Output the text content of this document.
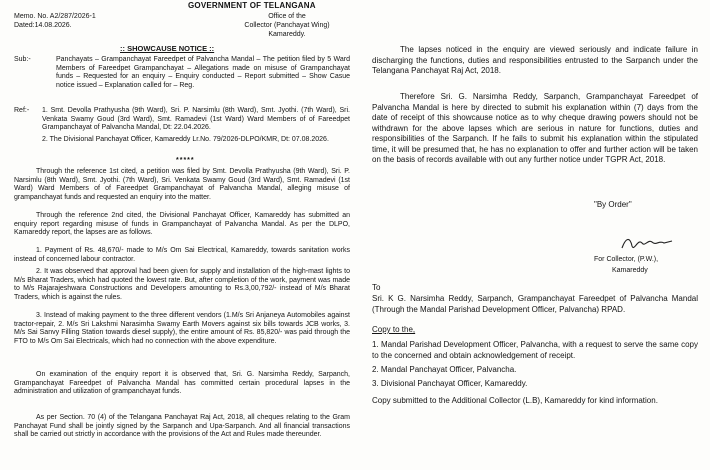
GOVERNMENT OF TELANGANA
Memo. No. A2/287/2026-1
Dated:14.08.2026.
Office of the
Collector (Panchayat Wing)
Kamareddy.
:: SHOWCAUSE NOTICE ::
Sub:-	Panchayats – Grampanchayat Fareedpet of Palvancha Mandal – The petition filed by 5 Ward Members of Fareedpet Grampanchayat – Allegations made on misuse of Grampanchayat funds – Requested for an enquiry – Enquiry conducted – Report submitted – Show Casue notice issued – Explanation called for – Reg.
Ref:- 1. Smt. Devolla Prathyusha (9th Ward), Sri. P. Narsimlu (8th Ward), Smt. Jyothi. (7th Ward), Sri. Venkata Swamy Goud (3rd Ward), Smt. Ramadevi (1st Ward) Ward Members of of Fareedpet Grampanchayat of Palvancha Mandal, Dt: 22.04.2026.
2. The Divisional Panchayat Officer, Kamareddy Lr.No. 79/2026-DLPO/KMR, Dt: 07.08.2026.
*****
Through the reference 1st cited, a petition was filed by Smt. Devolla Prathyusha (9th Ward), Sri. P. Narsimlu (8th Ward), Smt. Jyothi. (7th Ward), Sri. Venkata Swamy Goud (3rd Ward), Smt. Ramadevi (1st Ward) Ward Members of of Fareedpet Grampanchayat of Palvancha Mandal, alleging misuse of grampanchayat funds and requested an enquiry into the matter.
Through the reference 2nd cited, the Divisional Panchayat Officer, Kamareddy has submitted an enquiry report regarding misuse of funds in Grampanchayat of Palvancha Mandal. As per the DLPO, Kamareddy report, the lapses are as follows.
1. Payment of Rs. 48,670/- made to M/s Om Sai Electrical, Kamareddy, towards sanitation works instead of concerned labour contractor.
2. It was observed that approval had been given for supply and installation of the high-mast lights to M/s Bharat Traders, which had quoted the lowest rate. But, after completion of the work, payment was made to M/s Rajarajeshwara Constructions and Developers amounting to Rs.3,00,792/- instead of M/s Bharat Traders, which is against the rules.
3. Instead of making payment to the three different vendors (1.M/s Sri Anjaneya Automobiles against tractor-repair, 2. M/s Sri Lakshmi Narasimha Swamy Earth Movers against six bills towards JCB works, 3. M/s Sai Sanvy Filling Station towards diesel supply), the entire amount of Rs. 85,820/- was paid through the FTO to M/s Om Sai Electricals, which had no connection with the above expenditure.
On examination of the enquiry report it is observed that, Sri. G. Narsimha Reddy, Sarpanch, Grampanchayat Fareedpet of Palvancha Mandal has committed certain procedural lapses in the administration and utilization of grampanchayat funds.
As per Section. 70 (4) of the Telangana Panchayat Raj Act, 2018, all cheques relating to the Gram Panchayat Fund shall be jointly signed by the Sarpanch and Upa-Sarpanch. And all financial transactions shall be carried out strictly in accordance with the provisions of the Act and Rules made thereunder.
The lapses noticed in the enquiry are viewed seriously and indicate failure in discharging the functions, duties and responsibilities entrusted to the Sarpanch under the Telangana Panchayat Raj Act, 2018.
Therefore Sri. G. Narsimha Reddy, Sarpanch, Grampanchayat Fareedpet of Palvancha Mandal is here by directed to submit his explanation within (7) days from the date of receipt of this showcause notice as to why cheque drawing powers should not be withdrawn for the above lapses which are serious in nature for functions, duties and responsibilities of the Sarpanch. If he fails to submit his explanation within the stipulated time, it will be presumed that, he has no explanation to offer and further action will be taken on the basis of records available with out any further notice under TGPR Act, 2018.
"By Order"
For Collector, (P.W.),
Kamareddy
To
Sri. K G. Narsimha Reddy, Sarpanch, Grampanchayat Fareedpet of Palvancha Mandal (Through the Mandal Parishad Development Officer, Palvancha) RPAD.
Copy to the,
1. Mandal Parishad Development Officer, Palvancha, with a request to serve the same copy to the concerned and obtain acknowledgement of receipt.
2. Mandal Panchayat Officer, Palvancha.
3. Divisional Panchayat Officer, Kamareddy.
Copy submitted to the Additional Collector (L.B), Kamareddy for kind information.
